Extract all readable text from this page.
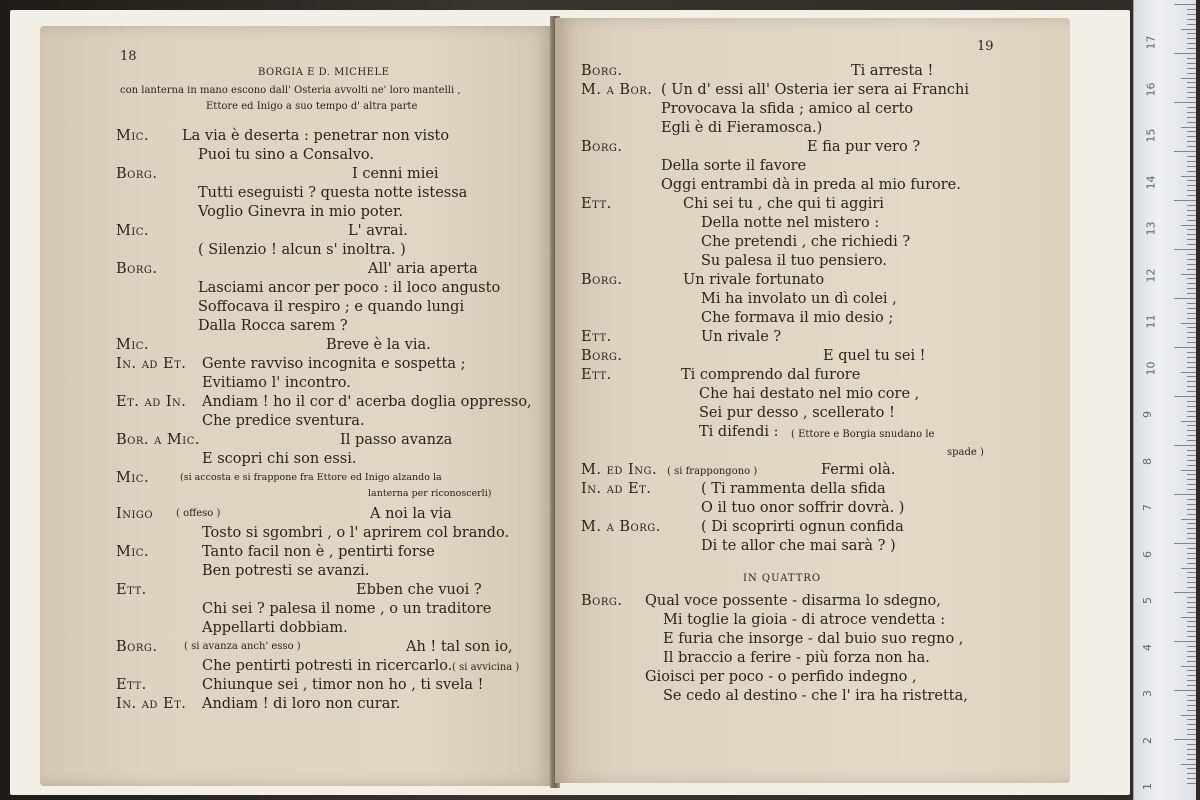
18
BORGIA E D. MICHELE
con lanterna in mano escono dall' Osteria avvolti ne' loro mantelli ,
Ettore ed Inigo a suo tempo d' altra parte
Mic. La via è deserta : penetrar non visto
Puoi tu sino a Consalvo.
Borg.	I cenni miei
Tutti eseguisti ? questa notte istessa
Voglio Ginevra in mio poter.
Mic.	L' avrai.
( Silenzio ! alcun s' inoltra. )
Borg.	All' aria aperta
Lasciami ancor per poco : il loco angusto
Soffocava il respiro ; e quando lungi
Dalla Rocca sarem ?
Mic.	Breve è la via.
In. ad Et. Gente ravviso incognita e sospetta ;
Evitiamo l' incontro.
Et. ad In. Andiam ! ho il cor d' acerba doglia oppresso,
Che predice sventura.
Bor. a Mic.	Il passo avanza
E scopri chi son essi.
Mic.	(si accosta e si frappone fra Ettore ed Inigo alzando la
lanterna per riconoscerli)
Inigo ( offeso )	A noi la via
Tosto si sgombri , o l' aprirem col brando.
Mic.	Tanto facil non è , pentirti forse
Ben potresti se avanzi.
Ett.	Ebben che vuoi ?
Chi sei ? palesa il nome , o un traditore
Appellarti dobbiam.
Borg.	( si avanza anch' esso )	Ah ! tal son io,
Che pentirti potresti in ricercarlo. ( si avvicina )
Ett.	Chiunque sei , timor non ho , ti svela !
In. ad Et. Andiam ! di loro non curar.
19
Borg.	Ti arresta !
M. a Bor. ( Un d' essi all' Osteria ier sera ai Franchi
Provocava la sfida ; amico al certo
Egli è di Fieramosca.)
Borg.	E fia pur vero ?
Della sorte il favore
Oggi entrambi dà in preda al mio furore.
Ett.	Chi sei tu , che qui ti aggiri
Della notte nel mistero :
Che pretendi , che richiedi ?
Su palesa il tuo pensiero.
Borg.	Un rivale fortunato
Mi ha involato un dì colei ,
Che formava il mio desio ;
Ett.	Un rivale ?
Borg.	E quel tu sei !
Ett.	Ti comprendo dal furore
Che hai destato nel mio core ,
Sei pur desso , scellerato !
Ti difendi : ( Ettore e Borgia snudano le
spade )
M. ed Ing. ( si frappongono )	Fermi olà.
In. ad Et.	( Ti rammenta della sfida
O il tuo onor soffrir dovrà. )
M. a Borg.	( Di scoprirti ognun confida
Di te allor che mai sarà ? )
IN QUATTRO
Borg. Qual voce possente - disarma lo sdegno,
Mi toglie la gioia - di atroce vendetta :
E furia che insorge - dal buio suo regno ,
Il braccio a ferire - più forza non ha.
Gioisci per poco - o perfido indegno ,
Se cedo al destino - che l' ira ha ristretta,
17
16
15
14
13
12
11
10
9
8
7
6
5
4
3
2
1
